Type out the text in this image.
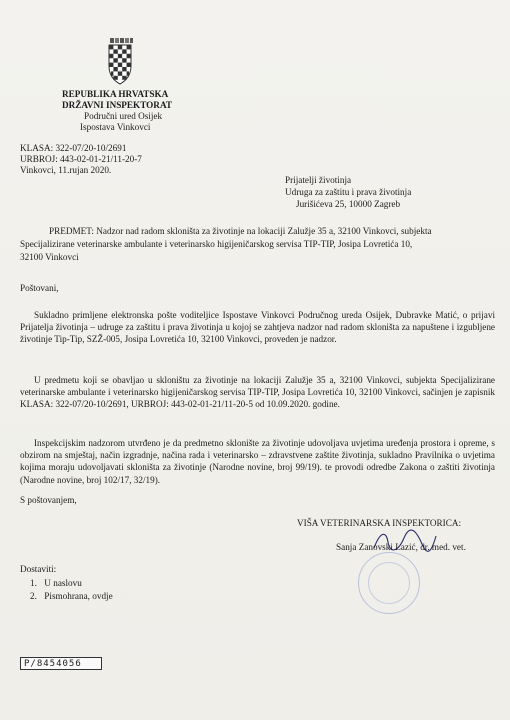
REPUBLIKA HRVATSKA
DRŽAVNI INSPEKTORAT
Područni ured Osijek
Ispostava Vinkovci
KLASA: 322-07/20-10/2691
URBROJ: 443-02-01-21/11-20-7
Vinkovci, 11.rujan 2020.
Prijatelji životinja
Udruga za zaštitu i prava životinja
Jurišićeva 25, 10000 Zagreb
PREDMET: Nadzor nad radom skloništa za životinje na lokaciji Zalužje 35 a, 32100 Vinkovci, subjekta
Specijalizirane veterinarske ambulante i veterinarsko higijeničarskog servisa TIP-TIP, Josipa Lovretića 10,
32100 Vinkovci
Poštovani,
Sukladno primljene elektronska pošte voditeljice Ispostave Vinkovci Područnog ureda Osijek, Dubravke Matić, o prijavi Prijatelja životinja – udruge za zaštitu i prava životinja u kojoj se zahtjeva nadzor nad radom skloništa za napuštene i izgubljene životinje Tip-Tip, SZŽ-005, Josipa Lovretića 10, 32100 Vinkovci, proveden je nadzor.
U predmetu koji se obavljao u skloništu za životinje na lokaciji Zalužje 35 a, 32100 Vinkovci, subjekta Specijalizirane veterinarske ambulante i veterinarsko higijeničarskog servisa TIP-TIP, Josipa Lovretića 10, 32100 Vinkovci, sačinjen je zapisnik KLASA: 322-07/20-10/2691, URBROJ: 443-02-01-21/11-20-5 od 10.09.2020. godine.
Inspekcijskim nadzorom utvrđeno je da predmetno sklonište za životinje udovoljava uvjetima uređenja prostora i opreme, s obzirom na smještaj, način izgradnje, načina rada i veterinarsko – zdravstvene zaštite životinja, sukladno Pravilnika o uvjetima kojima moraju udovoljavati skloništa za životinje (Narodne novine, broj 99/19). te provodi odredbe Zakona o zaštiti životinja (Narodne novine, broj 102/17, 32/19).
S poštovanjem,
VIŠA VETERINARSKA INSPEKTORICA:
Sanja Zanovski Lazić, dr. med. vet.
Dostaviti:
1. U naslovu
2. Pismohrana, ovdje
P/8454056
